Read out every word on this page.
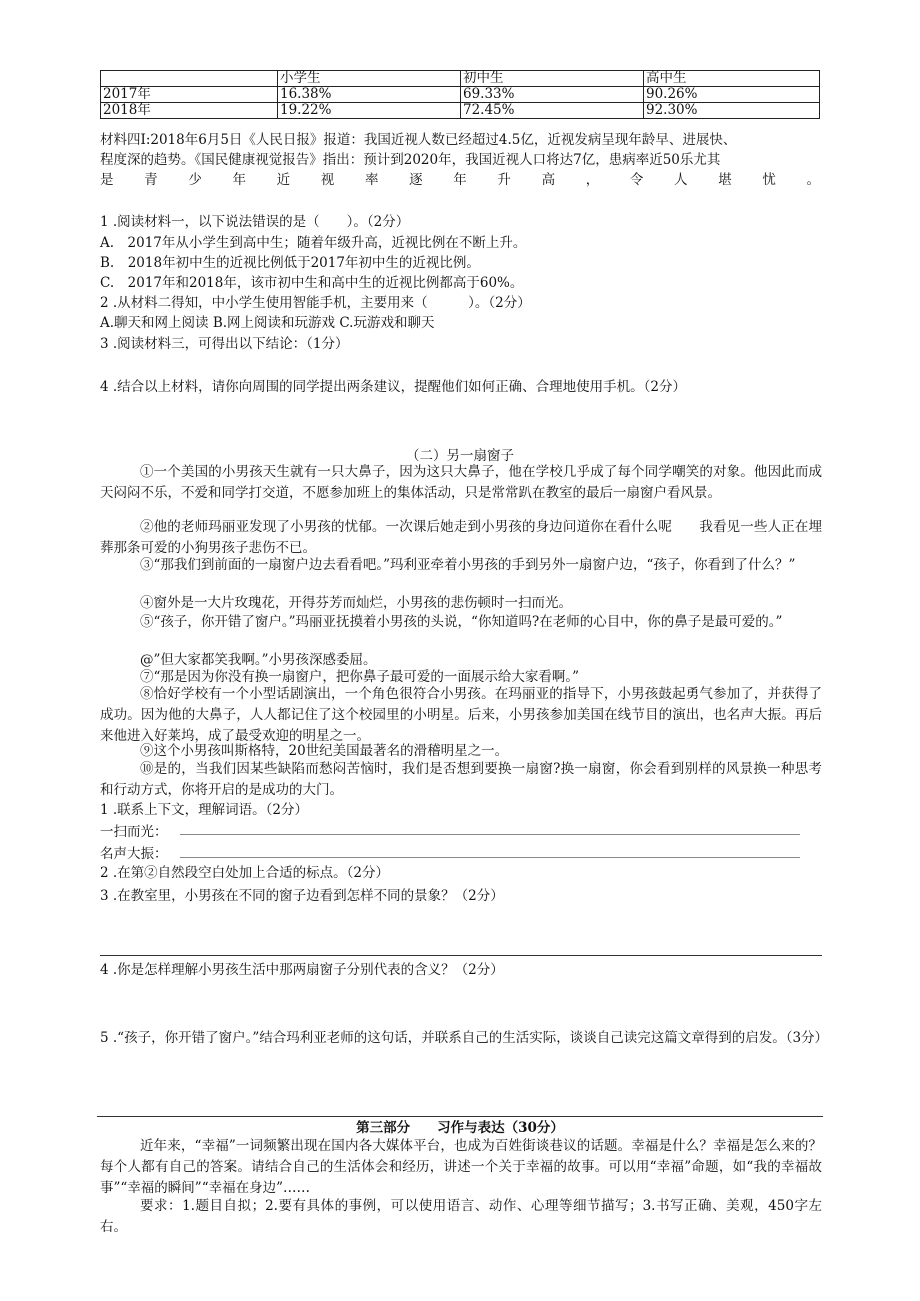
	小学生	初中生	高中生
2017年	16.38%	69.33%	90.26%
2018年	19.22%	72.45%	92.30%
材料四I:2018年6月5日《人民日报》报道：我国近视人数已经超过4.5亿，近视发病呈现年龄早、进展快、
程度深的趋势。《国民健康视觉报告》指出：预计到2020年，我国近视人口将达7亿，患病率近50乐尤其
是 青 少 年 近 视 率 逐 年 升 高 ， 令 人 堪 忧 。
1 .阅读材料一，以下说法错误的是（　　）。（2分）
A.　2017年从小学生到高中生；随着年级升高，近视比例在不断上升。
B.　2018年初中生的近视比例低于2017年初中生的近视比例。
C.　2017年和2018年，该市初中生和高中生的近视比例都高于60%。
2 .从材料二得知，中小学生使用智能手机，主要用来（　　　）。（2分）
A.聊天和网上阅读 B.网上阅读和玩游戏 C.玩游戏和聊天
3 .阅读材料三，可得出以下结论：（1分）
4 .结合以上材料，请你向周围的同学提出两条建议，提醒他们如何正确、合理地使用手机。（2分）
（二）另一扇窗子
①一个美国的小男孩天生就有一只大鼻子，因为这只大鼻子，他在学校几乎成了每个同学嘲笑的对象。他因此而成天闷闷不乐，不爱和同学打交道，不愿参加班上的集体活动，只是常常趴在教室的最后一扇窗户看风景。
②他的老师玛丽亚发现了小男孩的忧郁。一次课后她走到小男孩的身边问道你在看什么呢　　我看见一些人正在埋葬那条可爱的小狗男孩子悲伤不已。
③“那我们到前面的一扇窗户边去看看吧。”玛利亚牵着小男孩的手到另外一扇窗户边，“孩子，你看到了什么？”
④窗外是一大片玫瑰花，开得芬芳而灿烂，小男孩的悲伤顿时一扫而光。
⑤“孩子，你开错了窗户。”玛丽亚抚摸着小男孩的头说，“你知道吗?在老师的心目中，你的鼻子是最可爱的。”
@”但大家都笑我啊。”小男孩深感委屈。
⑦“那是因为你没有换一扇窗户，把你鼻子最可爱的一面展示给大家看啊。”
⑧恰好学校有一个小型话剧演出，一个角色很符合小男孩。在玛丽亚的指导下，小男孩鼓起勇气参加了，并获得了成功。因为他的大鼻子，人人都记住了这个校园里的小明星。后来，小男孩参加美国在线节目的演出，也名声大振。再后来他进入好莱坞，成了最受欢迎的明星之一。
⑨这个小男孩叫斯格特，20世纪美国最著名的滑稽明星之一。
⑩是的，当我们因某些缺陷而愁闷苦恼时，我们是否想到要换一扇窗?换一扇窗，你会看到别样的风景换一种思考和行动方式，你将开启的是成功的大门。
1 .联系上下文，理解词语。（2分）
一扫而光：
名声大振：
2 .在第②自然段空白处加上合适的标点。（2分）
3 .在教室里，小男孩在不同的窗子边看到怎样不同的景象？（2分）
4 .你是怎样理解小男孩生活中那两扇窗子分别代表的含义？（2分）
5 .“孩子，你开错了窗户。”结合玛利亚老师的这句话，并联系自己的生活实际，谈谈自己读完这篇文章得到的启发。（3分）
第三部分　　习作与表达（30分）
近年来，“幸福”一词频繁出现在国内各大媒体平台，也成为百姓街谈巷议的话题。幸福是什么？幸福是怎么来的？每个人都有自己的答案。请结合自己的生活体会和经历，讲述一个关于幸福的故事。可以用“幸福”命题，如“我的幸福故事”“幸福的瞬间”“幸福在身边”……
要求：1.题目自拟；2.要有具体的事例，可以使用语言、动作、心理等细节描写；3.书写正确、美观，450字左右。
